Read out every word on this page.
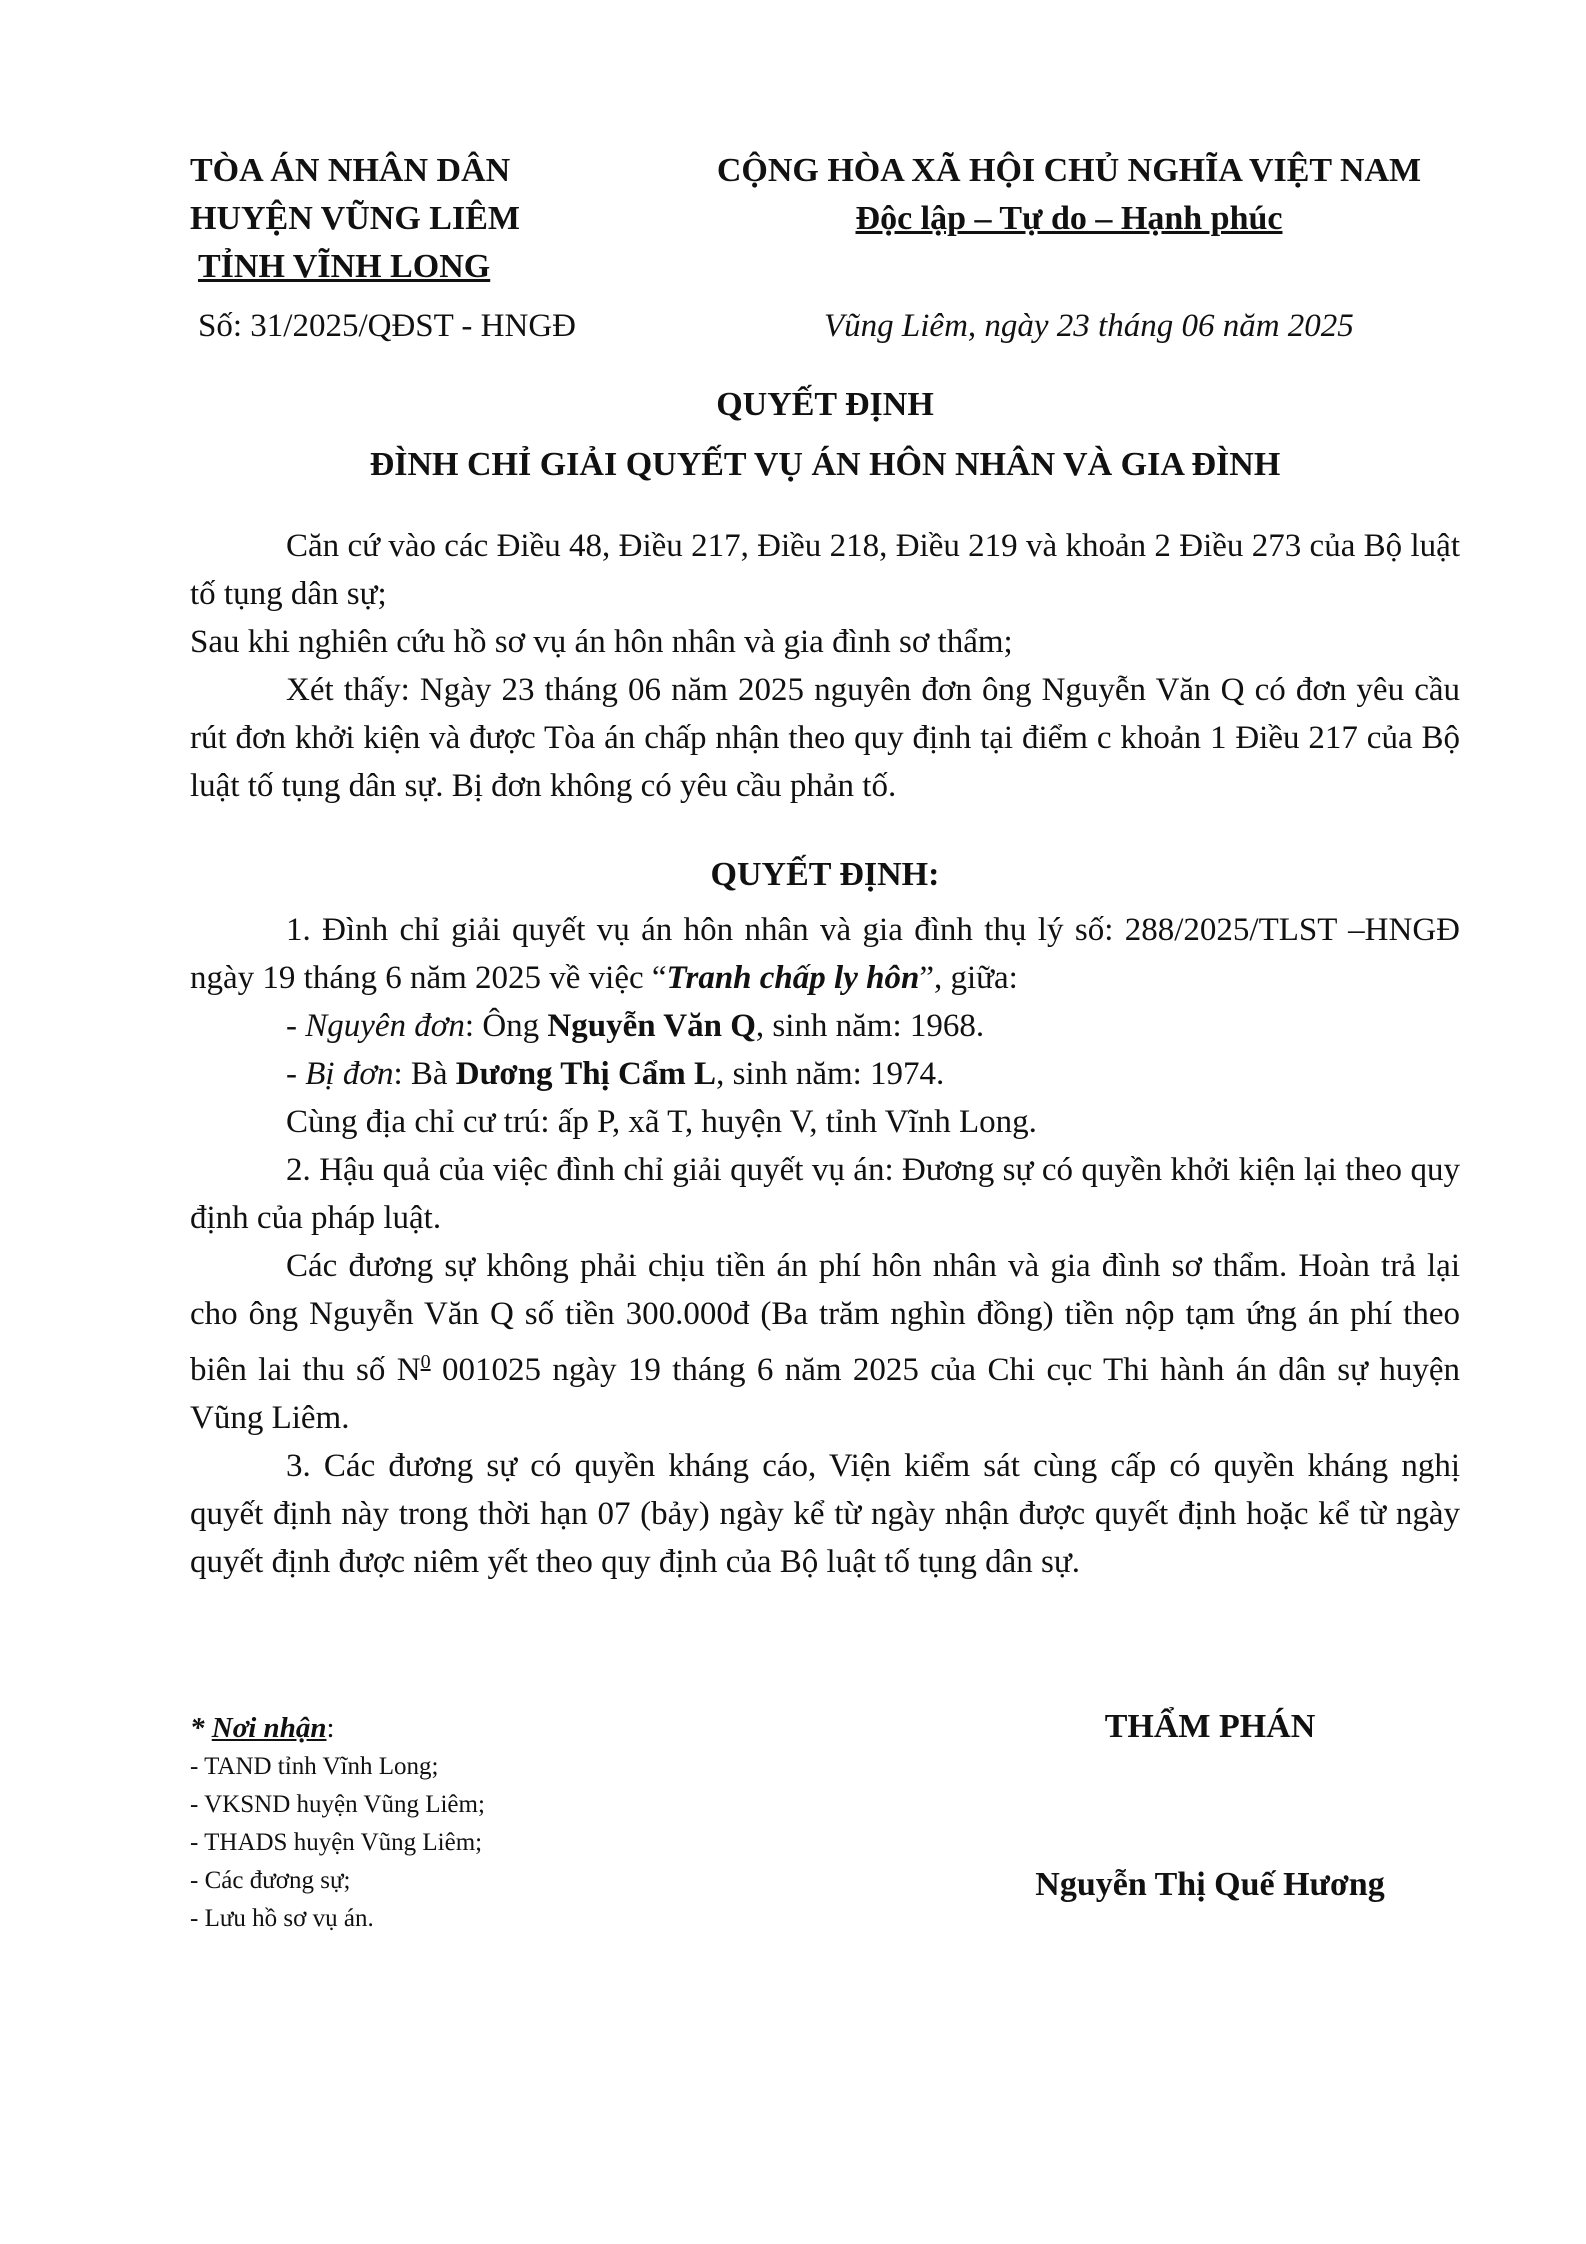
TÒA ÁN NHÂN DÂN
HUYỆN VŨNG LIÊM
TỈNH VĨNH LONG
CỘNG HÒA XÃ HỘI CHỦ NGHĨA VIỆT NAM
Độc lập – Tự do – Hạnh phúc
Số: 31/2025/QĐST - HNGĐ	Vũng Liêm, ngày 23 tháng 06 năm 2025
QUYẾT ĐỊNH
ĐÌNH CHỈ GIẢI QUYẾT VỤ ÁN HÔN NHÂN VÀ GIA ĐÌNH

Căn cứ vào các Điều 48, Điều 217, Điều 218, Điều 219 và khoản 2 Điều 273 của Bộ luật tố tụng dân sự;

Sau khi nghiên cứu hồ sơ vụ án hôn nhân và gia đình sơ thẩm;

Xét thấy: Ngày 23 tháng 06 năm 2025 nguyên đơn ông Nguyễn Văn Q có đơn yêu cầu rút đơn khởi kiện và được Tòa án chấp nhận theo quy định tại điểm c khoản 1 Điều 217 của Bộ luật tố tụng dân sự. Bị đơn không có yêu cầu phản tố.

QUYẾT ĐỊNH:

1. Đình chỉ giải quyết vụ án hôn nhân và gia đình thụ lý số: 288/2025/TLST –HNGĐ ngày 19 tháng 6 năm 2025 về việc “Tranh chấp ly hôn”, giữa:

- Nguyên đơn: Ông Nguyễn Văn Q, sinh năm: 1968.

- Bị đơn: Bà Dương Thị Cẩm L, sinh năm: 1974.

Cùng địa chỉ cư trú: ấp P, xã T, huyện V, tỉnh Vĩnh Long.

2. Hậu quả của việc đình chỉ giải quyết vụ án: Đương sự có quyền khởi kiện lại theo quy định của pháp luật.

Các đương sự không phải chịu tiền án phí hôn nhân và gia đình sơ thẩm. Hoàn trả lại cho ông Nguyễn Văn Q số tiền 300.000đ (Ba trăm nghìn đồng) tiền nộp tạm ứng án phí theo biên lai thu số $N^0$ 001025 ngày 19 tháng 6 năm 2025 của Chi cục Thi hành án dân sự huyện Vũng Liêm.

3. Các đương sự có quyền kháng cáo, Viện kiểm sát cùng cấp có quyền kháng nghị quyết định này trong thời hạn 07 (bảy) ngày kể từ ngày nhận được quyết định hoặc kể từ ngày quyết định được niêm yết theo quy định của Bộ luật tố tụng dân sự.

* Nơi nhận:
- TAND tỉnh Vĩnh Long;
- VKSND huyện Vũng Liêm;
- THADS huyện Vũng Liêm;
- Các đương sự;
- Lưu hồ sơ vụ án.
THẨM PHÁN
Nguyễn Thị Quế Hương
